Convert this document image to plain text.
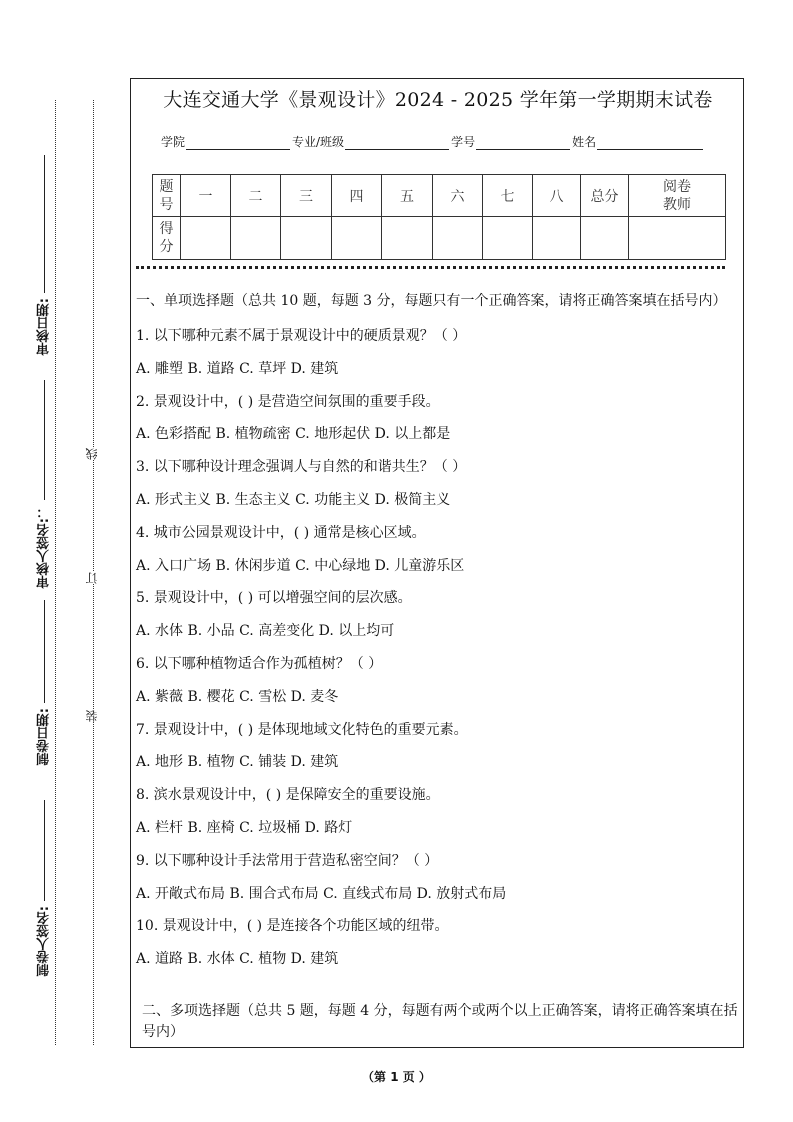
审核日期:
审核人签名:：
制卷日期:
制卷人签名:
线
订
装
大连交通大学《景观设计》2024 - 2025 学年第一学期期末试卷
学院	专业/班级	学号	姓名
题
号	一	二	三	四	五	六	七	八	总分	阅卷
教师
得
分										

一、单项选择题（总共 10 题，每题 3 分，每题只有一个正确答案，请将正确答案填在括号内）

1. 以下哪种元素不属于景观设计中的硬质景观？（ ）

A. 雕塑 B. 道路 C. 草坪 D. 建筑

2. 景观设计中，( ) 是营造空间氛围的重要手段。

A. 色彩搭配 B. 植物疏密 C. 地形起伏 D. 以上都是

3. 以下哪种设计理念强调人与自然的和谐共生？（ ）

A. 形式主义 B. 生态主义 C. 功能主义 D. 极简主义

4. 城市公园景观设计中，( ) 通常是核心区域。

A. 入口广场 B. 休闲步道 C. 中心绿地 D. 儿童游乐区

5. 景观设计中，( ) 可以增强空间的层次感。

A. 水体 B. 小品 C. 高差变化 D. 以上均可

6. 以下哪种植物适合作为孤植树？（ ）

A. 紫薇 B. 樱花 C. 雪松 D. 麦冬

7. 景观设计中，( ) 是体现地域文化特色的重要元素。

A. 地形 B. 植物 C. 铺装 D. 建筑

8. 滨水景观设计中，( ) 是保障安全的重要设施。

A. 栏杆 B. 座椅 C. 垃圾桶 D. 路灯

9. 以下哪种设计手法常用于营造私密空间？（ ）

A. 开敞式布局 B. 围合式布局 C. 直线式布局 D. 放射式布局

10. 景观设计中，( ) 是连接各个功能区域的纽带。

A. 道路 B. 水体 C. 植物 D. 建筑

二、多项选择题（总共 5 题，每题 4 分，每题有两个或两个以上正确答案，请将正确答案填在括号内）
（第 1 页 ）
